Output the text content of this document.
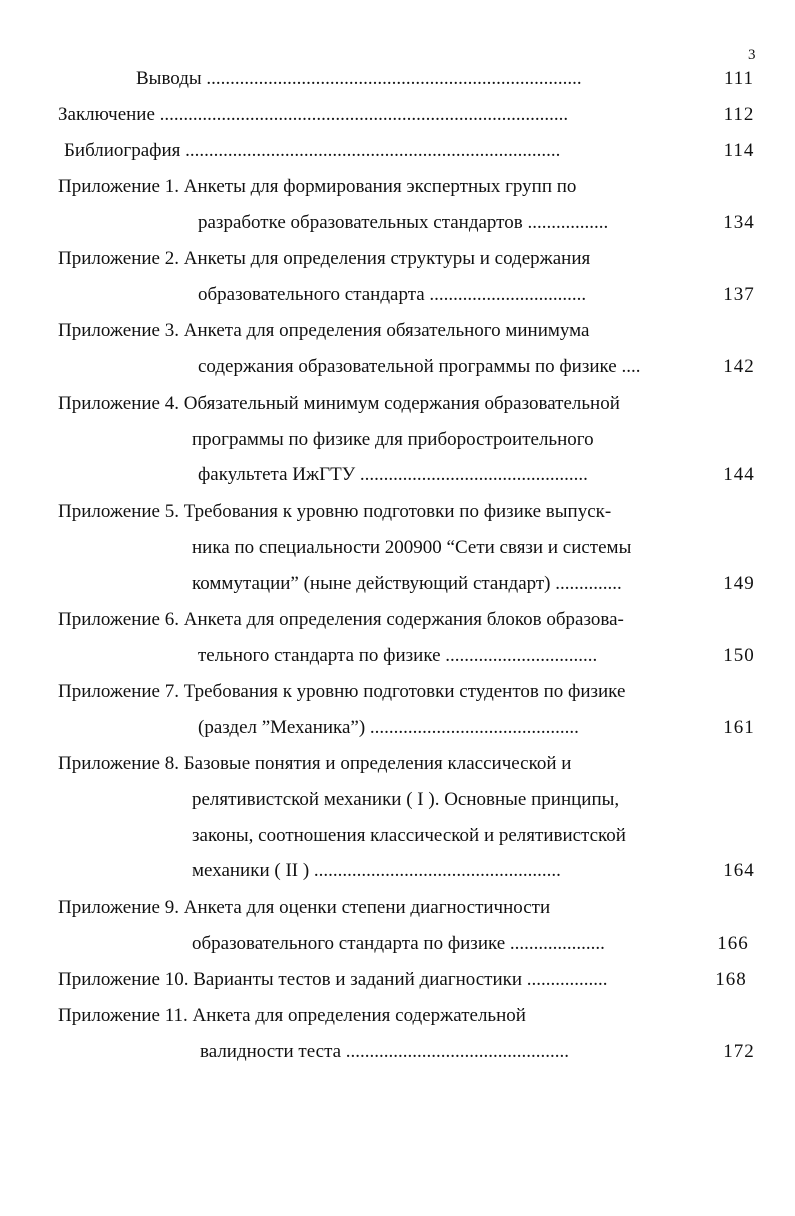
3
Выводы ...............................................................................	111
Заключение ......................................................................................	112
Библиография ...............................................................................	114
Приложение 1. Анкеты для формирования экспертных групп по
разработке образовательных стандартов .................	134
Приложение 2. Анкеты для определения структуры и содержания
образовательного стандарта .................................	137
Приложение 3. Анкета для определения обязательного минимума
содержания образовательной программы по физике ....	142
Приложение 4. Обязательный минимум содержания образовательной
программы по физике для приборостроительного
факультета ИжГТУ ................................................	144
Приложение 5. Требования к уровню подготовки по физике выпуск-
ника по специальности 200900 “Сети связи и системы
коммутации” (ныне действующий стандарт) ..............	149
Приложение 6. Анкета для определения содержания блоков образова-
тельного стандарта по физике ................................	150
Приложение 7. Требования к уровню подготовки студентов по физике
(раздел ”Механика”) ............................................	161
Приложение 8. Базовые понятия и определения классической и
релятивистской механики ( I ). Основные принципы,
законы, соотношения классической и релятивистской
механики ( II ) ....................................................	164
Приложение 9. Анкета для оценки степени диагностичности
образовательного стандарта по физике ....................	166
Приложение 10. Варианты тестов и заданий диагностики .................	168
Приложение 11. Анкета для определения содержательной
валидности теста ...............................................	172
